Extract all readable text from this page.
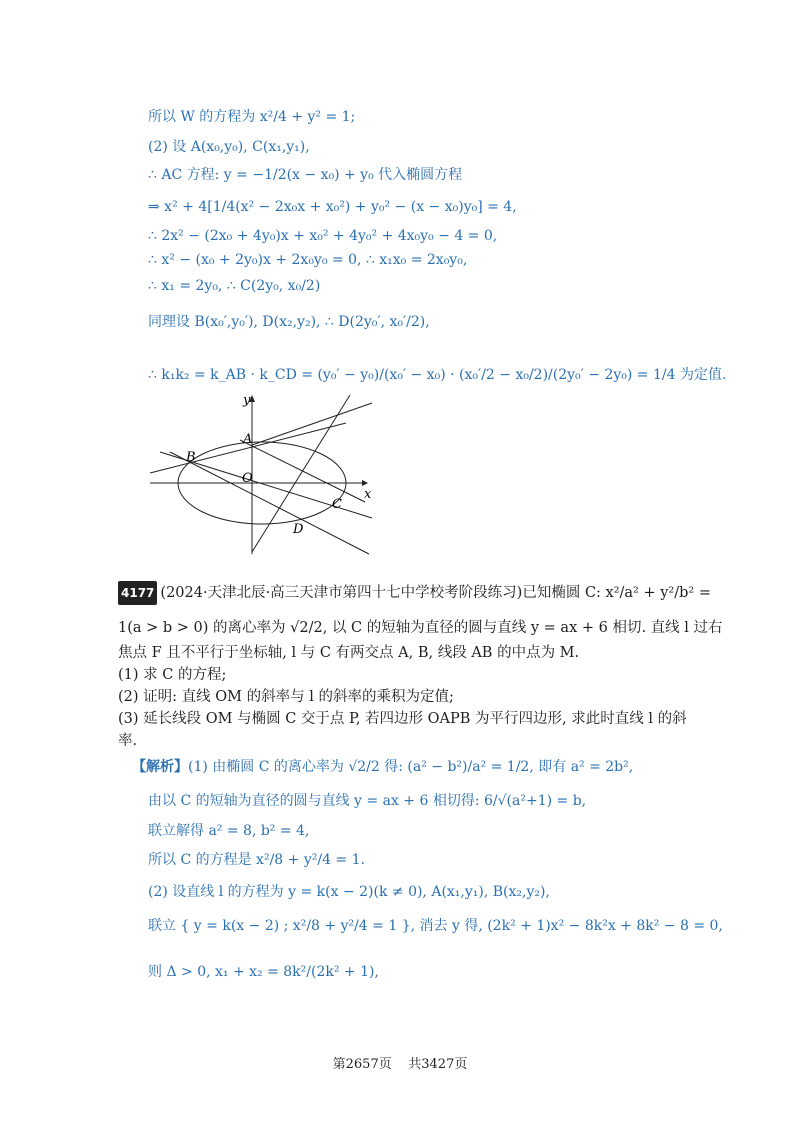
所以 W 的方程为 x²/4 + y² = 1;
(2) 设 A(x₀,y₀), C(x₁,y₁),
∴ AC 方程: y = −1/2(x − x₀) + y₀ 代入椭圆方程
⇒ x² + 4[1/4(x² − 2x₀x + x₀²) + y₀² − (x − x₀)y₀] = 4,
∴ 2x² − (2x₀ + 4y₀)x + x₀² + 4y₀² + 4x₀y₀ − 4 = 0,
∴ x² − (x₀ + 2y₀)x + 2x₀y₀ = 0, ∴ x₁x₀ = 2x₀y₀,
∴ x₁ = 2y₀, ∴ C(2y₀, x₀/2)
同理设 B(x₀′,y₀′), D(x₂,y₂), ∴ D(2y₀′, x₀′/2),
∴ k₁k₂ = k_AB · k_CD = (y₀′ − y₀)/(x₀′ − x₀) · (x₀′/2 − x₀/2)/(2y₀′ − 2y₀) = 1/4 为定值.
y
x
O
A
B
C
D
4177 (2024·天津北辰·高三天津市第四十七中学校考阶段练习)已知椭圆 C: x²/a² + y²/b² =
1(a > b > 0) 的离心率为 √2/2, 以 C 的短轴为直径的圆与直线 y = ax + 6 相切. 直线 l 过右
焦点 F 且不平行于坐标轴, l 与 C 有两交点 A, B, 线段 AB 的中点为 M.
(1) 求 C 的方程;
(2) 证明: 直线 OM 的斜率与 l 的斜率的乘积为定值;
(3) 延长线段 OM 与椭圆 C 交于点 P, 若四边形 OAPB 为平行四边形, 求此时直线 l 的斜
率.
【解析】(1) 由椭圆 C 的离心率为 √2/2 得: (a² − b²)/a² = 1/2, 即有 a² = 2b²,
由以 C 的短轴为直径的圆与直线 y = ax + 6 相切得: 6/√(a²+1) = b,
联立解得 a² = 8, b² = 4,
所以 C 的方程是 x²/8 + y²/4 = 1.
(2) 设直线 l 的方程为 y = k(x − 2)(k ≠ 0), A(x₁,y₁), B(x₂,y₂),
联立 { y = k(x − 2) ; x²/8 + y²/4 = 1 }, 消去 y 得, (2k² + 1)x² − 8k²x + 8k² − 8 = 0,
则 Δ > 0, x₁ + x₂ = 8k²/(2k² + 1),
第2657页 共3427页
